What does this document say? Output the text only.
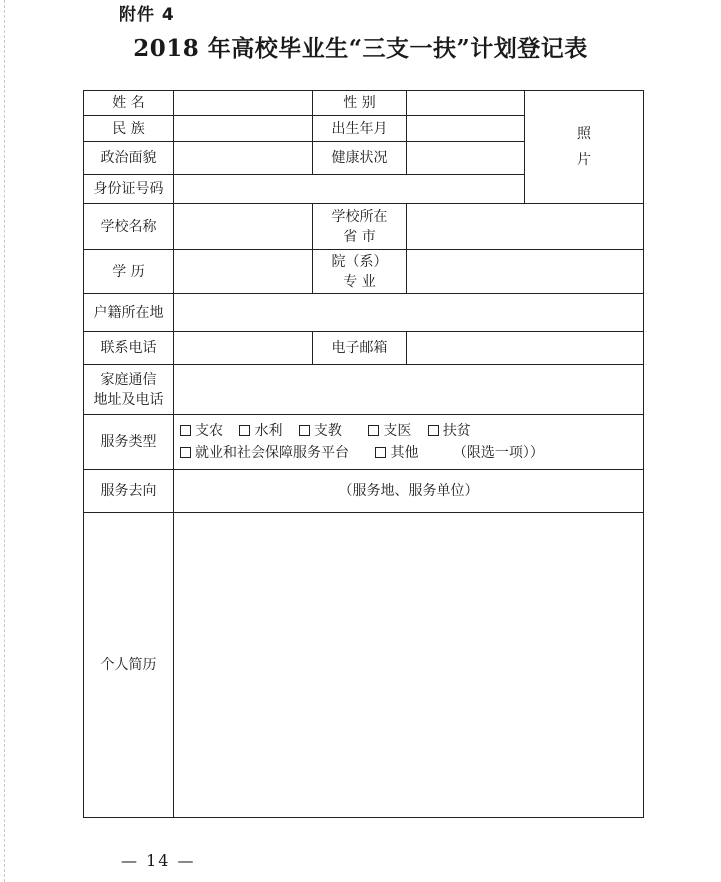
附件 4
2018 年高校毕业生“三支一扶”计划登记表
姓 名		性 别		照
片

民 族		出生年月		
政治面貌		健康状况		
身份证号码				
学校名称		学校所在
省 市		

学 历		院（系）
专 业		

户籍所在地				
联系电话		电子邮箱		

家庭通信
地址及电话				

服务类型	支农 水利 支教 支医 扶贫
就业和社会保障服务平台 其他 （限选一项））			

服务去向	（服务地、服务单位）			
个人简历				
— 14 —
